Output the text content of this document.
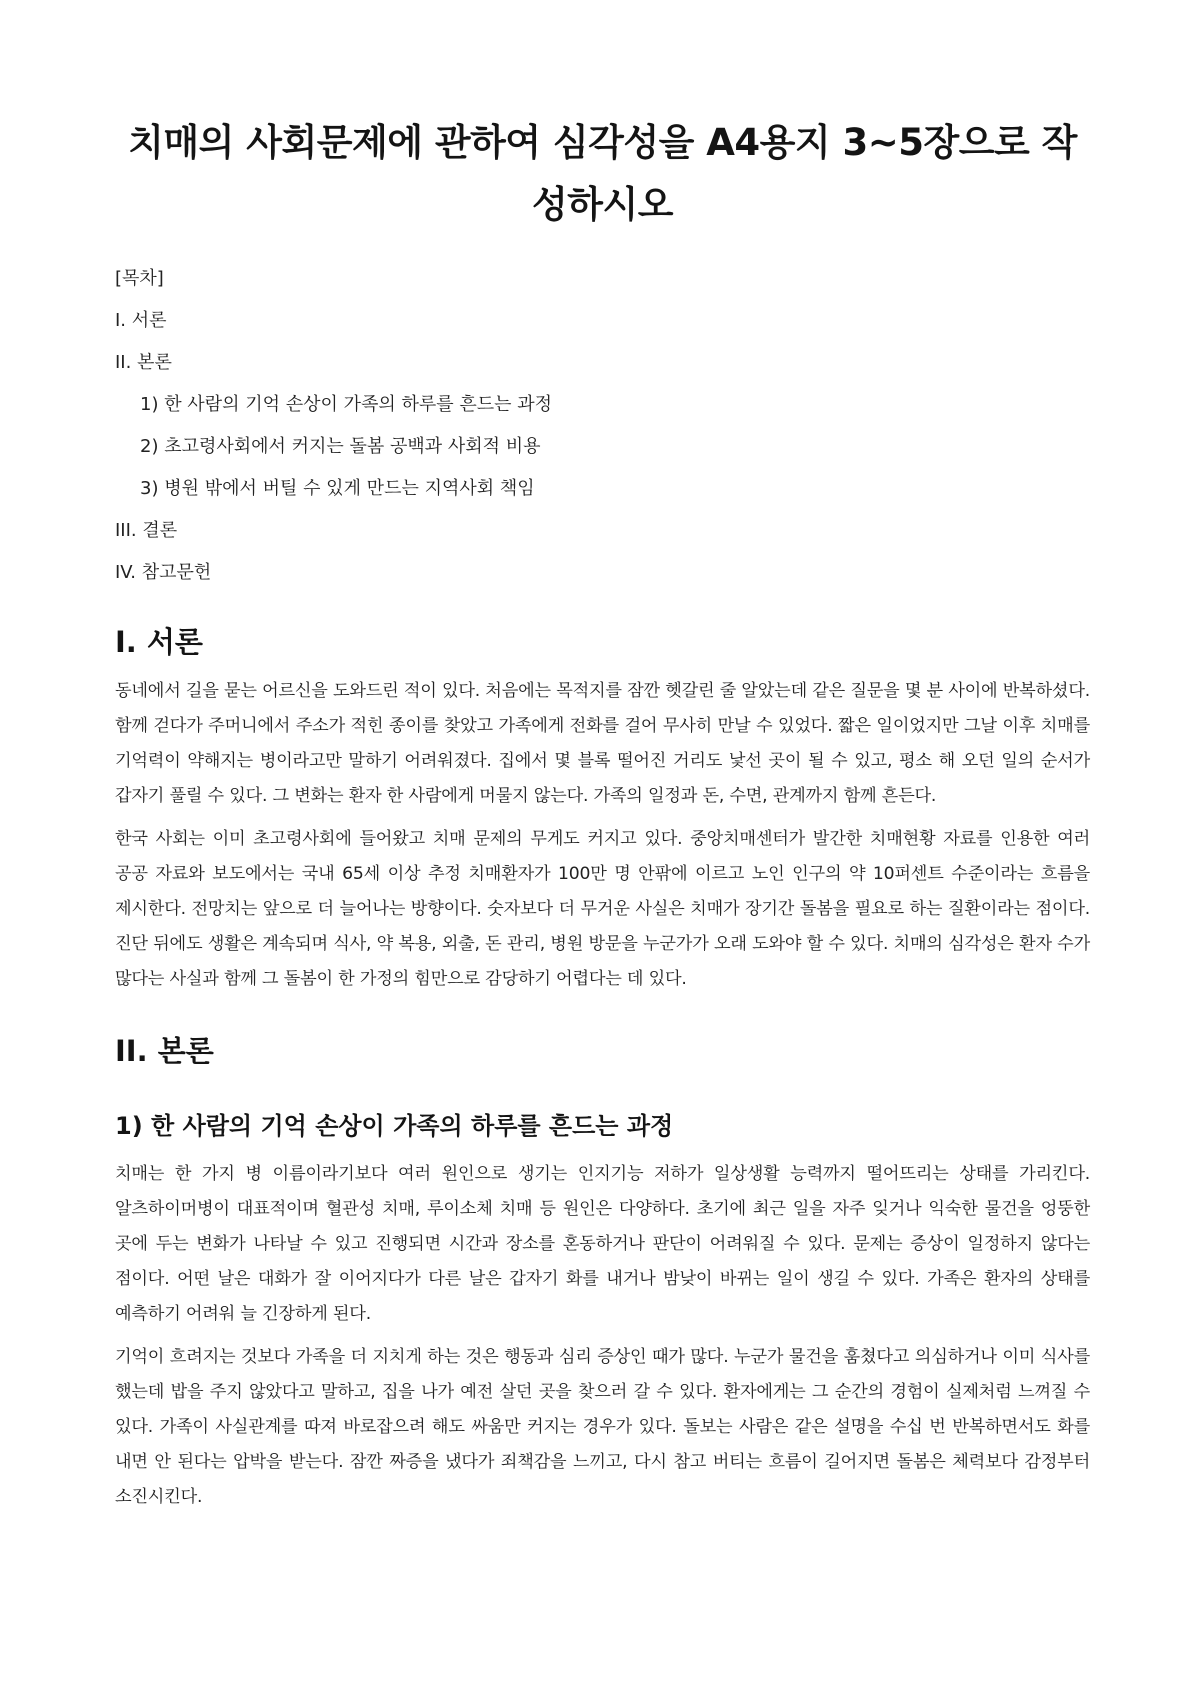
치매의 사회문제에 관하여 심각성을 A4용지 3~5장으로 작성하시오
[목차]
I. 서론
II. 본론
1) 한 사람의 기억 손상이 가족의 하루를 흔드는 과정
2) 초고령사회에서 커지는 돌봄 공백과 사회적 비용
3) 병원 밖에서 버틸 수 있게 만드는 지역사회 책임
III. 결론
IV. 참고문헌
I. 서론

동네에서 길을 묻는 어르신을 도와드린 적이 있다. 처음에는 목적지를 잠깐 헷갈린 줄 알았는데 같은 질문을 몇 분 사이에 반복하셨다. 함께 걷다가 주머니에서 주소가 적힌 종이를 찾았고 가족에게 전화를 걸어 무사히 만날 수 있었다. 짧은 일이었지만 그날 이후 치매를 기억력이 약해지는 병이라고만 말하기 어려워졌다. 집에서 몇 블록 떨어진 거리도 낯선 곳이 될 수 있고, 평소 해 오던 일의 순서가 갑자기 풀릴 수 있다. 그 변화는 환자 한 사람에게 머물지 않는다. 가족의 일정과 돈, 수면, 관계까지 함께 흔든다.

한국 사회는 이미 초고령사회에 들어왔고 치매 문제의 무게도 커지고 있다. 중앙치매센터가 발간한 치매현황 자료를 인용한 여러 공공 자료와 보도에서는 국내 65세 이상 추정 치매환자가 100만 명 안팎에 이르고 노인 인구의 약 10퍼센트 수준이라는 흐름을 제시한다. 전망치는 앞으로 더 늘어나는 방향이다. 숫자보다 더 무거운 사실은 치매가 장기간 돌봄을 필요로 하는 질환이라는 점이다. 진단 뒤에도 생활은 계속되며 식사, 약 복용, 외출, 돈 관리, 병원 방문을 누군가가 오래 도와야 할 수 있다. 치매의 심각성은 환자 수가 많다는 사실과 함께 그 돌봄이 한 가정의 힘만으로 감당하기 어렵다는 데 있다.

II. 본론
1) 한 사람의 기억 손상이 가족의 하루를 흔드는 과정

치매는 한 가지 병 이름이라기보다 여러 원인으로 생기는 인지기능 저하가 일상생활 능력까지 떨어뜨리는 상태를 가리킨다. 알츠하이머병이 대표적이며 혈관성 치매, 루이소체 치매 등 원인은 다양하다. 초기에 최근 일을 자주 잊거나 익숙한 물건을 엉뚱한 곳에 두는 변화가 나타날 수 있고 진행되면 시간과 장소를 혼동하거나 판단이 어려워질 수 있다. 문제는 증상이 일정하지 않다는 점이다. 어떤 날은 대화가 잘 이어지다가 다른 날은 갑자기 화를 내거나 밤낮이 바뀌는 일이 생길 수 있다. 가족은 환자의 상태를 예측하기 어려워 늘 긴장하게 된다.

기억이 흐려지는 것보다 가족을 더 지치게 하는 것은 행동과 심리 증상인 때가 많다. 누군가 물건을 훔쳤다고 의심하거나 이미 식사를 했는데 밥을 주지 않았다고 말하고, 집을 나가 예전 살던 곳을 찾으러 갈 수 있다. 환자에게는 그 순간의 경험이 실제처럼 느껴질 수 있다. 가족이 사실관계를 따져 바로잡으려 해도 싸움만 커지는 경우가 있다. 돌보는 사람은 같은 설명을 수십 번 반복하면서도 화를 내면 안 된다는 압박을 받는다. 잠깐 짜증을 냈다가 죄책감을 느끼고, 다시 참고 버티는 흐름이 길어지면 돌봄은 체력보다 감정부터 소진시킨다.
